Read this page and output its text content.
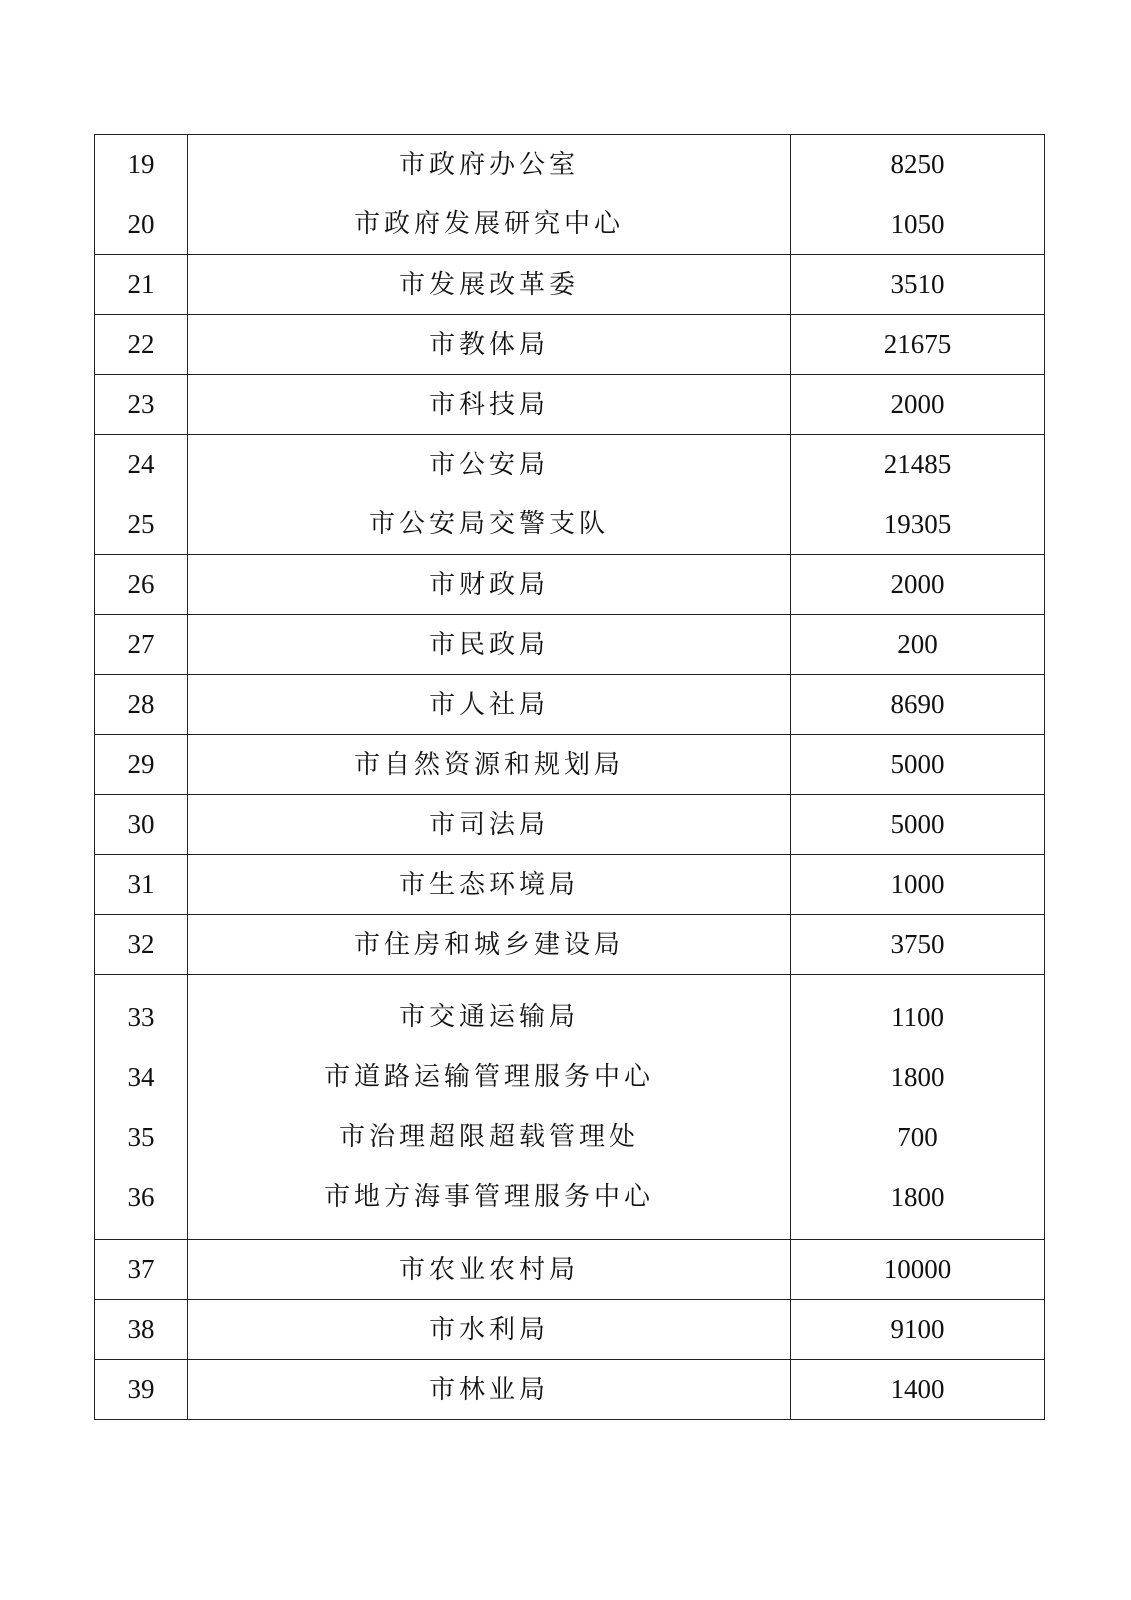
19	市政府办公室	8250
20	市政府发展研究中心	1050
21	市发展改革委	3510
22	市教体局	21675
23	市科技局	2000
24	市公安局	21485
25	市公安局交警支队	19305
26	市财政局	2000
27	市民政局	200
28	市人社局	8690
29	市自然资源和规划局	5000
30	市司法局	5000
31	市生态环境局	1000
32	市住房和城乡建设局	3750

33	市交通运输局	1100
34	市道路运输管理服务中心	1800
35	市治理超限超载管理处	700
36	市地方海事管理服务中心	1800

37	市农业农村局	10000
38	市水利局	9100
39	市林业局	1400
